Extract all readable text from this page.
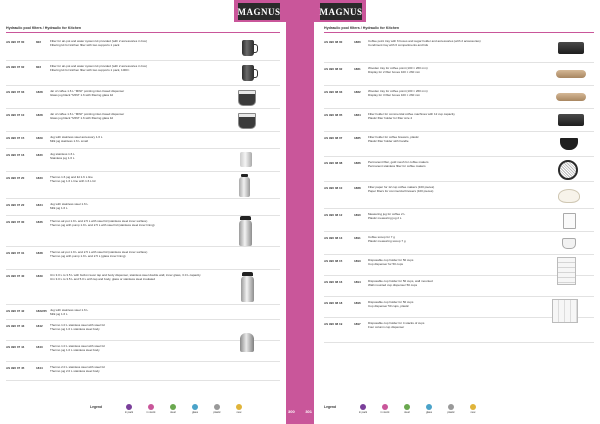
MAGNUS
Hydraulic pool filters / Hydraulic for Kitchen
AS 990 07 00	822	Filter for air-pot and water system kit provided (with 2 accessories in box)

Filtering kit for kitchen filter with two supports 1 pack

AS 990 07 02	823	Filter for air-pot and water system kit provided (with 2 accessories in box)

Filtering kit for kitchen filter with two supports 1 pack, 1000 t

AS 990 07 03	1828	Jar of coffee 1.6 L "MINI" pointing inlet closed dispenser

Glass jug black "MINI" 1.6 with filtering glass lid

AS 990 07 10	1828	Jar of coffee 1.6 L "MINI" pointing inlet closed dispenser

Glass jug black "MINI" 1.6 with filtering glass lid

AS 990 07 15	1829	Jug with stainless steel accessory 1.6 L

Milk jug stainless 1.6 L small

AS 990 07 16	1830	Jug stainless 1.6 L

Stainless jug 1.6 L

AS 990 07 20	1833	Thermo 1.6 jug and lid 1.6 L line

Thermo jug 1.6 L line with 1.6 L lid

AS 990 07 22	1834	Jug with stainless steel 1.6 L

Milk jug 1.6 L

AS 990 07 30	1836	Thermo air-pot 1.9 L and 2.5 L with steel lid (stainless steel inner surface)

Thermo jug with pump 1.9 L and 2.5 L with steel lid (stainless steel inner lining)

AS 990 07 31	1838	Thermo air-pot 1.9 L and 2.5 L with steel lid (stainless steel inner surface)

Thermo jug with pump 1.9 L and 2.5 L (glass inner lining)

AS 990 07 40	1839	Urn 3.0 L to 3.5 L with built-in lever tap and body dispenser, stainless steel double wall, inner glass, 3.0 L capacity

Urn 3.0 L to 3.5 L and 5.0 L with tap and body, glass or stainless steel insulated

AS 990 07 42	1822/25	Jug with stainless steel 1.6 L

Milk jug 1.6 L

AS 990 07 43	1842	Thermo 1.0 L stainless steel with steel lid

Thermo jug 1.0 L stainless steel body

AS 990 07 44	1843	Thermo 1.0 L stainless steel with steel lid

Thermo jug 1.0 L stainless steel body

AS 990 07 45	1844	Thermo 2.0 L stainless steel with steel lid

Thermo jug 2.0 L stainless steel body

Legend
in pack	in stock	steel	glass	plastic	new	300	301
MAGNUS
Hydraulic pool filters / Hydraulic for Kitchen
AS 990 08 00	1880	Coffee point tray with 6 boxes and sugar holder and accessories (with 2 accessories)

Condiment tray with 6 compartments and lids

AS 990 08 02	1881	Wooden tray for coffee point (100 × 260 mm)

Display for 2 filter boxes 100 × 260 mm

AS 990 08 03	1882	Wooden tray for coffee point (100 × 260 mm)

Display for 3 filter boxes 100 × 260 mm

AS 990 08 05	1884	Filter holder for commercial coffee machines with 12 cup capacity

Plastic filter holder for filter size 4

AS 990 08 07	1885	Filter holder for coffee brewers, plastic

Plastic filter holder with handle

AS 990 08 08	1886	Permanent filter, gold mesh for coffee makers

Permanent stainless filter for coffee makers

AS 990 08 10	1888	Filter paper for 12 cup coffee makers (100 pieces)

Paper filters for commercial brewers (100 pieces)

AS 990 08 12	1890	Measuring jug for coffee 2 L

Plastic measuring jug 2 L

AS 990 08 13	1891	Coffee scoop for 7 g

Plastic measuring scoop 7 g

AS 990 08 15	1893	Disposable cup holder for 50 cups

Cup dispenser for 50 cups

AS 990 08 16	1894	Disposable cup holder for 50 cups, wall mounted

Wall mounted cup dispenser 50 cups

AS 990 08 18	1896	Disposable cup holder for 50 cups

Cup dispenser 50 cups, plastic

AS 990 08 19	1897	Disposable cup holder for 4 stacks of cups

Four column cup dispenser

Legend
in pack	in stock	steel	glass	plastic	new
